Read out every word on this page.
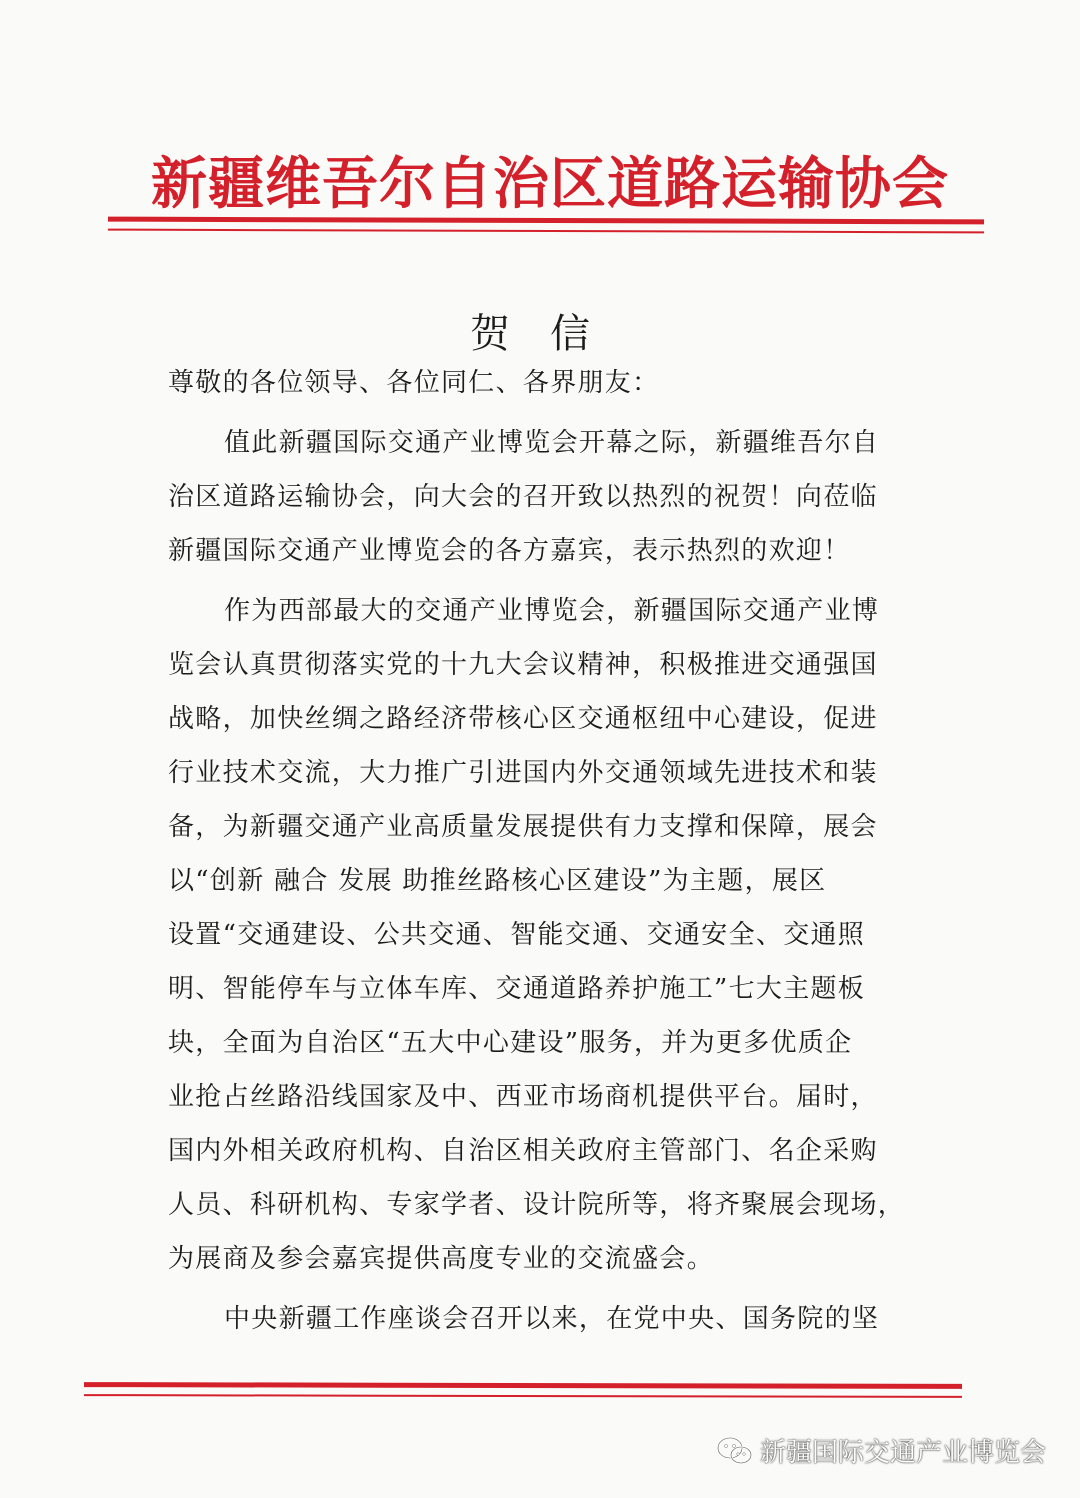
新疆维吾尔自治区道路运输协会
贺信
尊敬的各位领导、各位同仁、各界朋友：
值此新疆国际交通产业博览会开幕之际，新疆维吾尔自
治区道路运输协会，向大会的召开致以热烈的祝贺！向莅临
新疆国际交通产业博览会的各方嘉宾，表示热烈的欢迎！
作为西部最大的交通产业博览会，新疆国际交通产业博
览会认真贯彻落实党的十九大会议精神，积极推进交通强国
战略，加快丝绸之路经济带核心区交通枢纽中心建设，促进
行业技术交流，大力推广引进国内外交通领域先进技术和装
备，为新疆交通产业高质量发展提供有力支撑和保障，展会
以“创新 融合 发展 助推丝路核心区建设”为主题，展区
设置“交通建设、公共交通、智能交通、交通安全、交通照
明、智能停车与立体车库、交通道路养护施工”七大主题板
块，全面为自治区“五大中心建设”服务，并为更多优质企
业抢占丝路沿线国家及中、西亚市场商机提供平台。届时，
国内外相关政府机构、自治区相关政府主管部门、名企采购
人员、科研机构、专家学者、设计院所等，将齐聚展会现场，
为展商及参会嘉宾提供高度专业的交流盛会。
中央新疆工作座谈会召开以来，在党中央、国务院的坚
新疆国际交通产业博览会
